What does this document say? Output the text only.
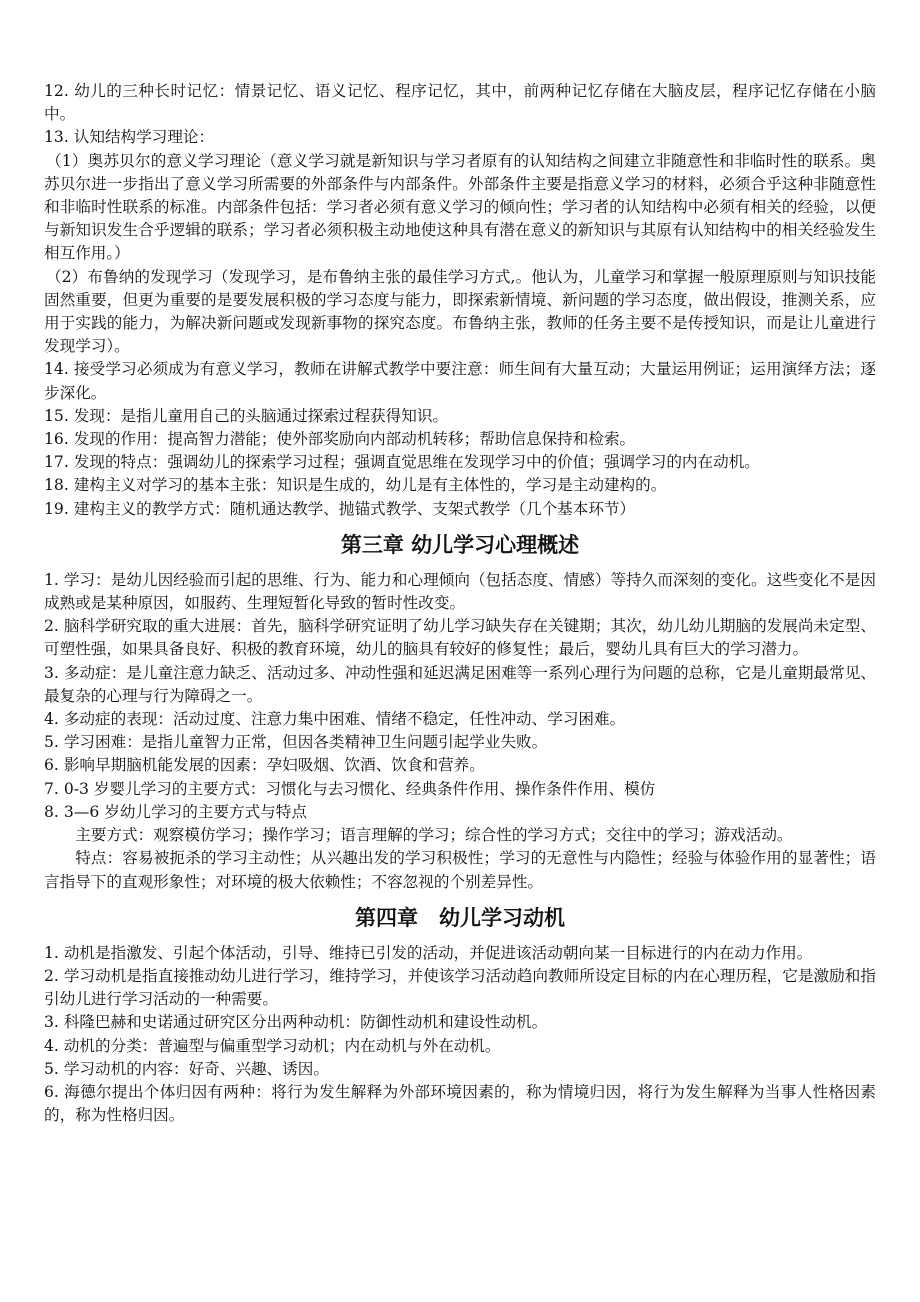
12. 幼儿的三种长时记忆：情景记忆、语义记忆、程序记忆，其中，前两种记忆存储在大脑皮层，程序记忆存储在小脑中。

13. 认知结构学习理论：

（1）奥苏贝尔的意义学习理论（意义学习就是新知识与学习者原有的认知结构之间建立非随意性和非临时性的联系。奥苏贝尔进一步指出了意义学习所需要的外部条件与内部条件。外部条件主要是指意义学习的材料，必须合乎这种非随意性和非临时性联系的标准。内部条件包括：学习者必须有意义学习的倾向性；学习者的认知结构中必须有相关的经验，以便与新知识发生合乎逻辑的联系；学习者必须积极主动地使这种具有潜在意义的新知识与其原有认知结构中的相关经验发生相互作用。）

（2）布鲁纳的发现学习（发现学习，是布鲁纳主张的最佳学习方式,。他认为，儿童学习和掌握一般原理原则与知识技能固然重要，但更为重要的是要发展积极的学习态度与能力，即探索新情境、新问题的学习态度，做出假设，推测关系，应用于实践的能力，为解决新问题或发现新事物的探究态度。布鲁纳主张，教师的任务主要不是传授知识，而是让儿童进行发现学习）。

14. 接受学习必须成为有意义学习，教师在讲解式教学中要注意：师生间有大量互动；大量运用例证；运用演绎方法；逐步深化。

15. 发现：是指儿童用自己的头脑通过探索过程获得知识。

16. 发现的作用：提高智力潜能；使外部奖励向内部动机转移；帮助信息保持和检索。

17. 发现的特点：强调幼儿的探索学习过程；强调直觉思维在发现学习中的价值；强调学习的内在动机。

18. 建构主义对学习的基本主张：知识是生成的，幼儿是有主体性的，学习是主动建构的。

19. 建构主义的教学方式：随机通达教学、抛锚式教学、支架式教学（几个基本环节）

第三章 幼儿学习心理概述

1. 学习：是幼儿因经验而引起的思维、行为、能力和心理倾向（包括态度、情感）等持久而深刻的变化。这些变化不是因成熟或是某种原因，如服药、生理短暂化导致的暂时性改变。

2. 脑科学研究取的重大进展：首先，脑科学研究证明了幼儿学习缺失存在关键期；其次，幼儿幼儿期脑的发展尚未定型、可塑性强，如果具备良好、积极的教育环境，幼儿的脑具有较好的修复性；最后，婴幼儿具有巨大的学习潜力。

3. 多动症：是儿童注意力缺乏、活动过多、冲动性强和延迟满足困难等一系列心理行为问题的总称，它是儿童期最常见、最复杂的心理与行为障碍之一。

4. 多动症的表现：活动过度、注意力集中困难、情绪不稳定，任性冲动、学习困难。

5. 学习困难：是指儿童智力正常，但因各类精神卫生问题引起学业失败。

6. 影响早期脑机能发展的因素：孕妇吸烟、饮酒、饮食和营养。

7. 0-3 岁婴儿学习的主要方式：习惯化与去习惯化、经典条件作用、操作条件作用、模仿

8. 3—6 岁幼儿学习的主要方式与特点

主要方式：观察模仿学习；操作学习；语言理解的学习；综合性的学习方式；交往中的学习；游戏活动。

特点：容易被扼杀的学习主动性；从兴趣出发的学习积极性；学习的无意性与内隐性；经验与体验作用的显著性；语言指导下的直观形象性；对环境的极大依赖性；不容忽视的个别差异性。

第四章　幼儿学习动机

1. 动机是指激发、引起个体活动，引导、维持已引发的活动，并促进该活动朝向某一目标进行的内在动力作用。

2. 学习动机是指直接推动幼儿进行学习，维持学习，并使该学习活动趋向教师所设定目标的内在心理历程，它是激励和指引幼儿进行学习活动的一种需要。

3. 科隆巴赫和史诺通过研究区分出两种动机：防御性动机和建设性动机。

4. 动机的分类：普遍型与偏重型学习动机；内在动机与外在动机。

5. 学习动机的内容：好奇、兴趣、诱因。

6. 海德尔提出个体归因有两种：将行为发生解释为外部环境因素的，称为情境归因，将行为发生解释为当事人性格因素的，称为性格归因。
